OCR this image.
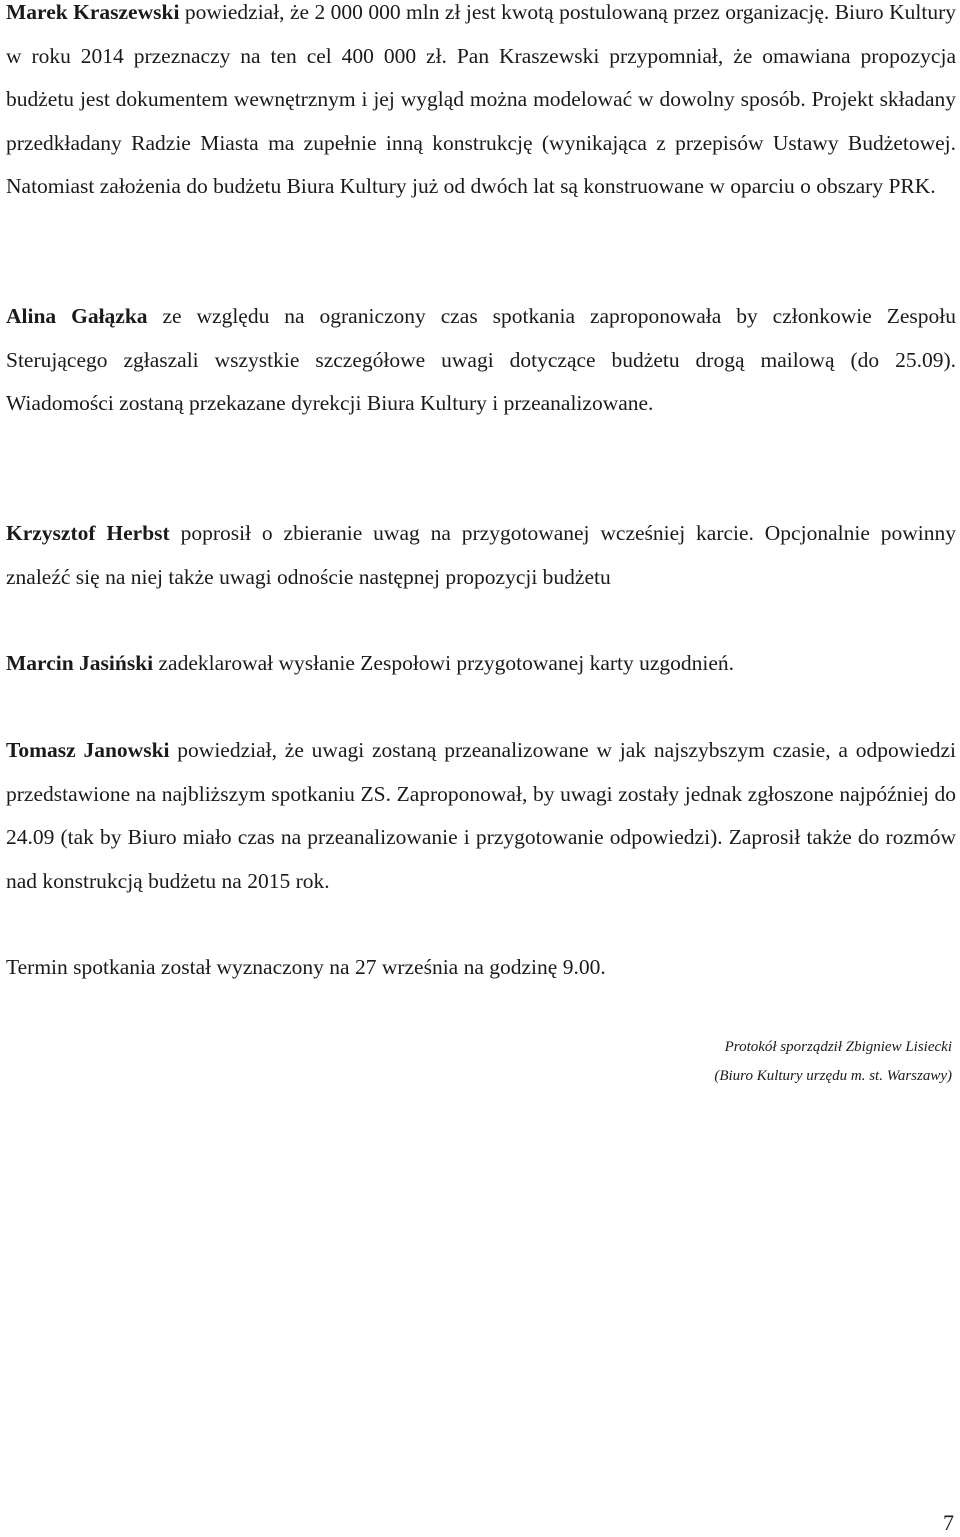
Marek Kraszewski powiedział, że 2 000 000 mln zł jest kwotą postulowaną przez organizację. Biuro Kultury w roku 2014 przeznaczy na ten cel 400 000 zł. Pan Kraszewski przypomniał, że omawiana propozycja budżetu jest dokumentem wewnętrznym i jej wygląd można modelować w dowolny sposób. Projekt składany przedkładany Radzie Miasta ma zupełnie inną konstrukcję (wynikająca z przepisów Ustawy Budżetowej. Natomiast założenia do budżetu Biura Kultury już od dwóch lat są konstruowane w oparciu o obszary PRK.

Alina Gałązka ze względu na ograniczony czas spotkania zaproponowała by członkowie Zespołu Sterującego zgłaszali wszystkie szczegółowe uwagi dotyczące budżetu drogą mailową (do 25.09). Wiadomości zostaną przekazane dyrekcji Biura Kultury i przeanalizowane.

Krzysztof Herbst poprosił o zbieranie uwag na przygotowanej wcześniej karcie. Opcjonalnie powinny znaleźć się na niej także uwagi odnoście następnej propozycji budżetu

Marcin Jasiński zadeklarował wysłanie Zespołowi przygotowanej karty uzgodnień.

Tomasz Janowski powiedział, że uwagi zostaną przeanalizowane w jak najszybszym czasie, a odpowiedzi przedstawione na najbliższym spotkaniu ZS. Zaproponował, by uwagi zostały jednak zgłoszone najpóźniej do 24.09 (tak by Biuro miało czas na przeanalizowanie i przygotowanie odpowiedzi). Zaprosił także do rozmów nad konstrukcją budżetu na 2015 rok.

Termin spotkania został wyznaczony na 27 września na godzinę 9.00.

Protokół sporządził Zbigniew Lisiecki
(Biuro Kultury urzędu m. st. Warszawy)
7
